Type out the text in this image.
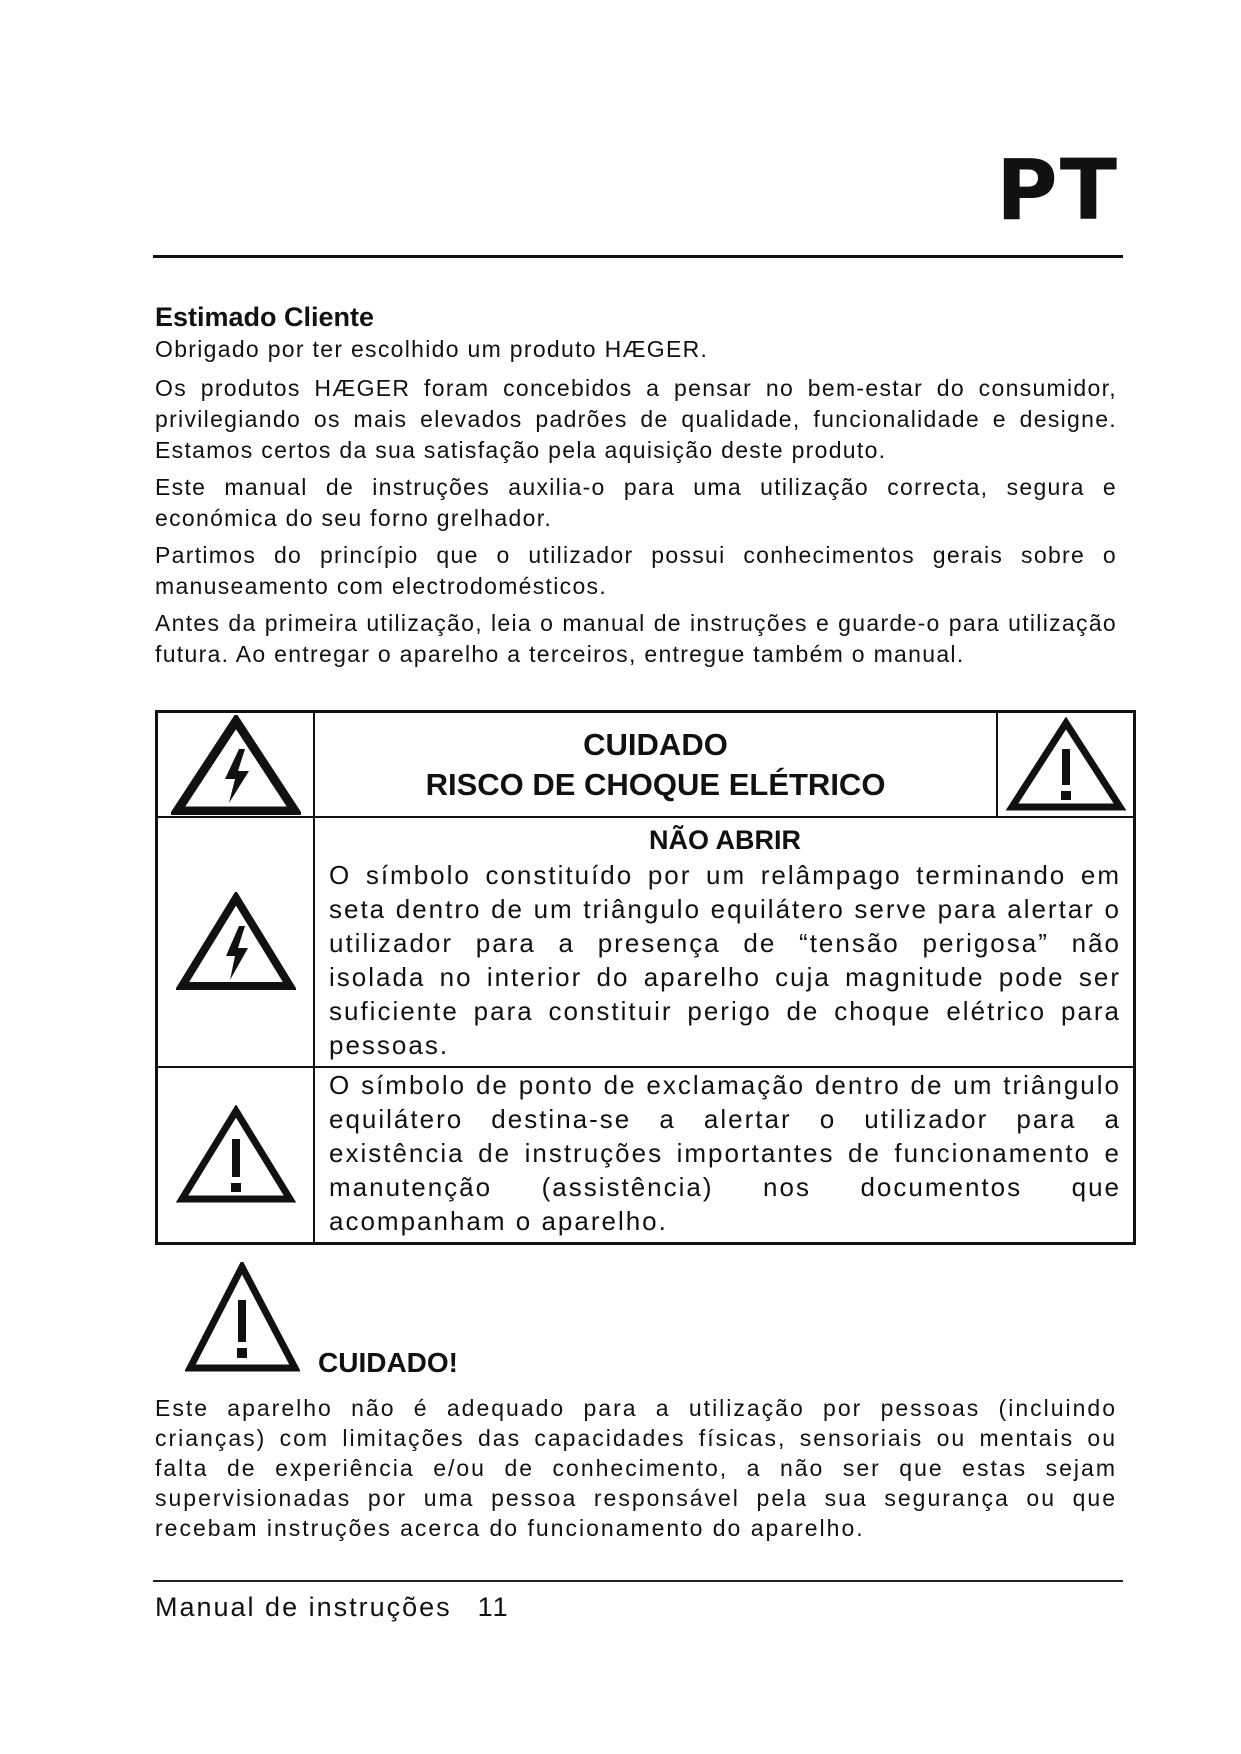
PT
Estimado Cliente

Obrigado por ter escolhido um produto HÆGER.

Os produtos HÆGER foram concebidos a pensar no bem-estar do consumidor, privilegiando os mais elevados padrões de qualidade, funcionalidade e designe. Estamos certos da sua satisfação pela aquisição deste produto.

Este manual de instruções auxilia-o para uma utilização correcta, segura e económica do seu forno grelhador.

Partimos do princípio que o utilizador possui conhecimentos gerais sobre o manuseamento com electrodomésticos.

Antes da primeira utilização, leia o manual de instruções e guarde-o para utilização futura. Ao entregar o aparelho a terceiros, entregue também o manual.

CUIDADO
RISCO DE CHOQUE ELÉTRICO

NÃO ABRIR

O símbolo constituído por um relâmpago terminando em seta dentro de um triângulo equilátero serve para alertar o utilizador para a presença de “tensão perigosa” não isolada no interior do aparelho cuja magnitude pode ser suficiente para constituir perigo de choque elétrico para pessoas.	

O símbolo de ponto de exclamação dentro de um triângulo equilátero destina-se a alertar o utilizador para a existência de instruções importantes de funcionamento e manutenção (assistência) nos documentos que acompanham o aparelho.	

CUIDADO!

Este aparelho não é adequado para a utilização por pessoas (incluindo crianças) com limitações das capacidades físicas, sensoriais ou mentais ou falta de experiência e/ou de conhecimento, a não ser que estas sejam supervisionadas por uma pessoa responsável pela sua segurança ou que recebam instruções acerca do funcionamento do aparelho.

Manual de instruções 11
